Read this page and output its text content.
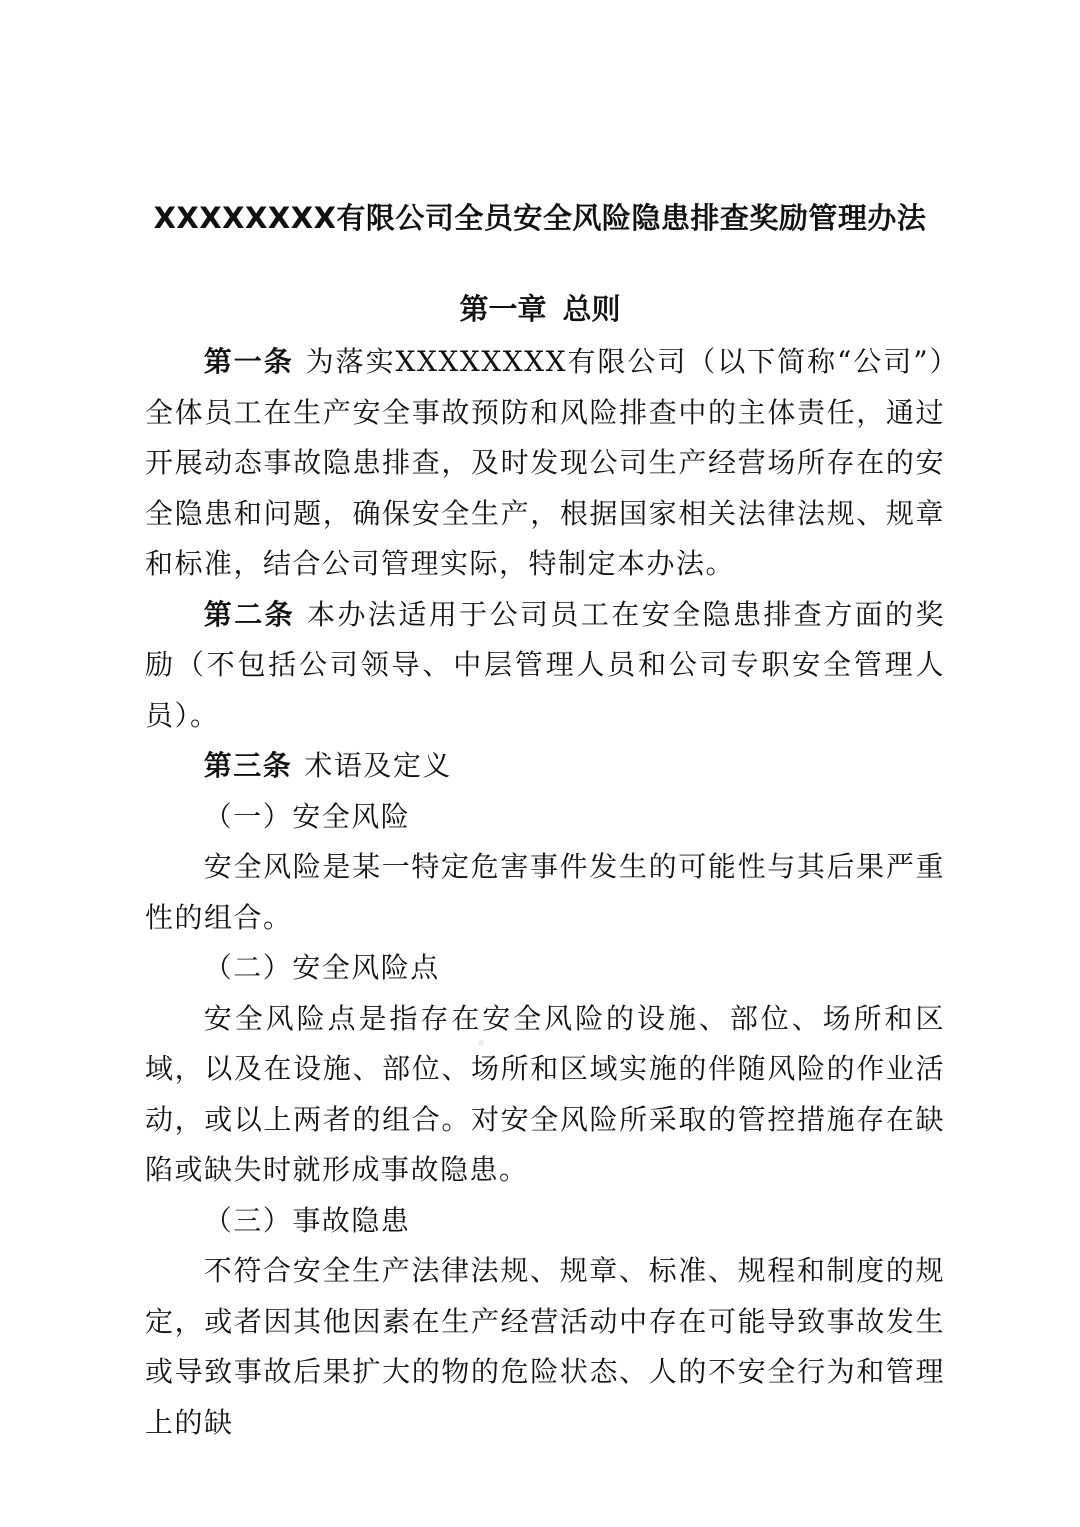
XXXXXXXX有限公司全员安全风险隐患排查奖励管理办法
第一章 总则

第一条 为落实XXXXXXXX有限公司（以下简称“公司”）全体员工在生产安全事故预防和风险排查中的主体责任，通过开展动态事故隐患排查，及时发现公司生产经营场所存在的安全隐患和问题，确保安全生产，根据国家相关法律法规、规章和标准，结合公司管理实际，特制定本办法。

第二条 本办法适用于公司员工在安全隐患排查方面的奖励（不包括公司领导、中层管理人员和公司专职安全管理人员）。

第三条 术语及定义

（一）安全风险

安全风险是某一特定危害事件发生的可能性与其后果严重性的组合。

（二）安全风险点

安全风险点是指存在安全风险的设施、部位、场所和区域，以及在设施、部位、场所和区域实施的伴随风险的作业活动，或以上两者的组合。对安全风险所采取的管控措施存在缺陷或缺失时就形成事故隐患。

（三）事故隐患

不符合安全生产法律法规、规章、标准、规程和制度的规定，或者因其他因素在生产经营活动中存在可能导致事故发生或导致事故后果扩大的物的危险状态、人的不安全行为和管理上的缺
